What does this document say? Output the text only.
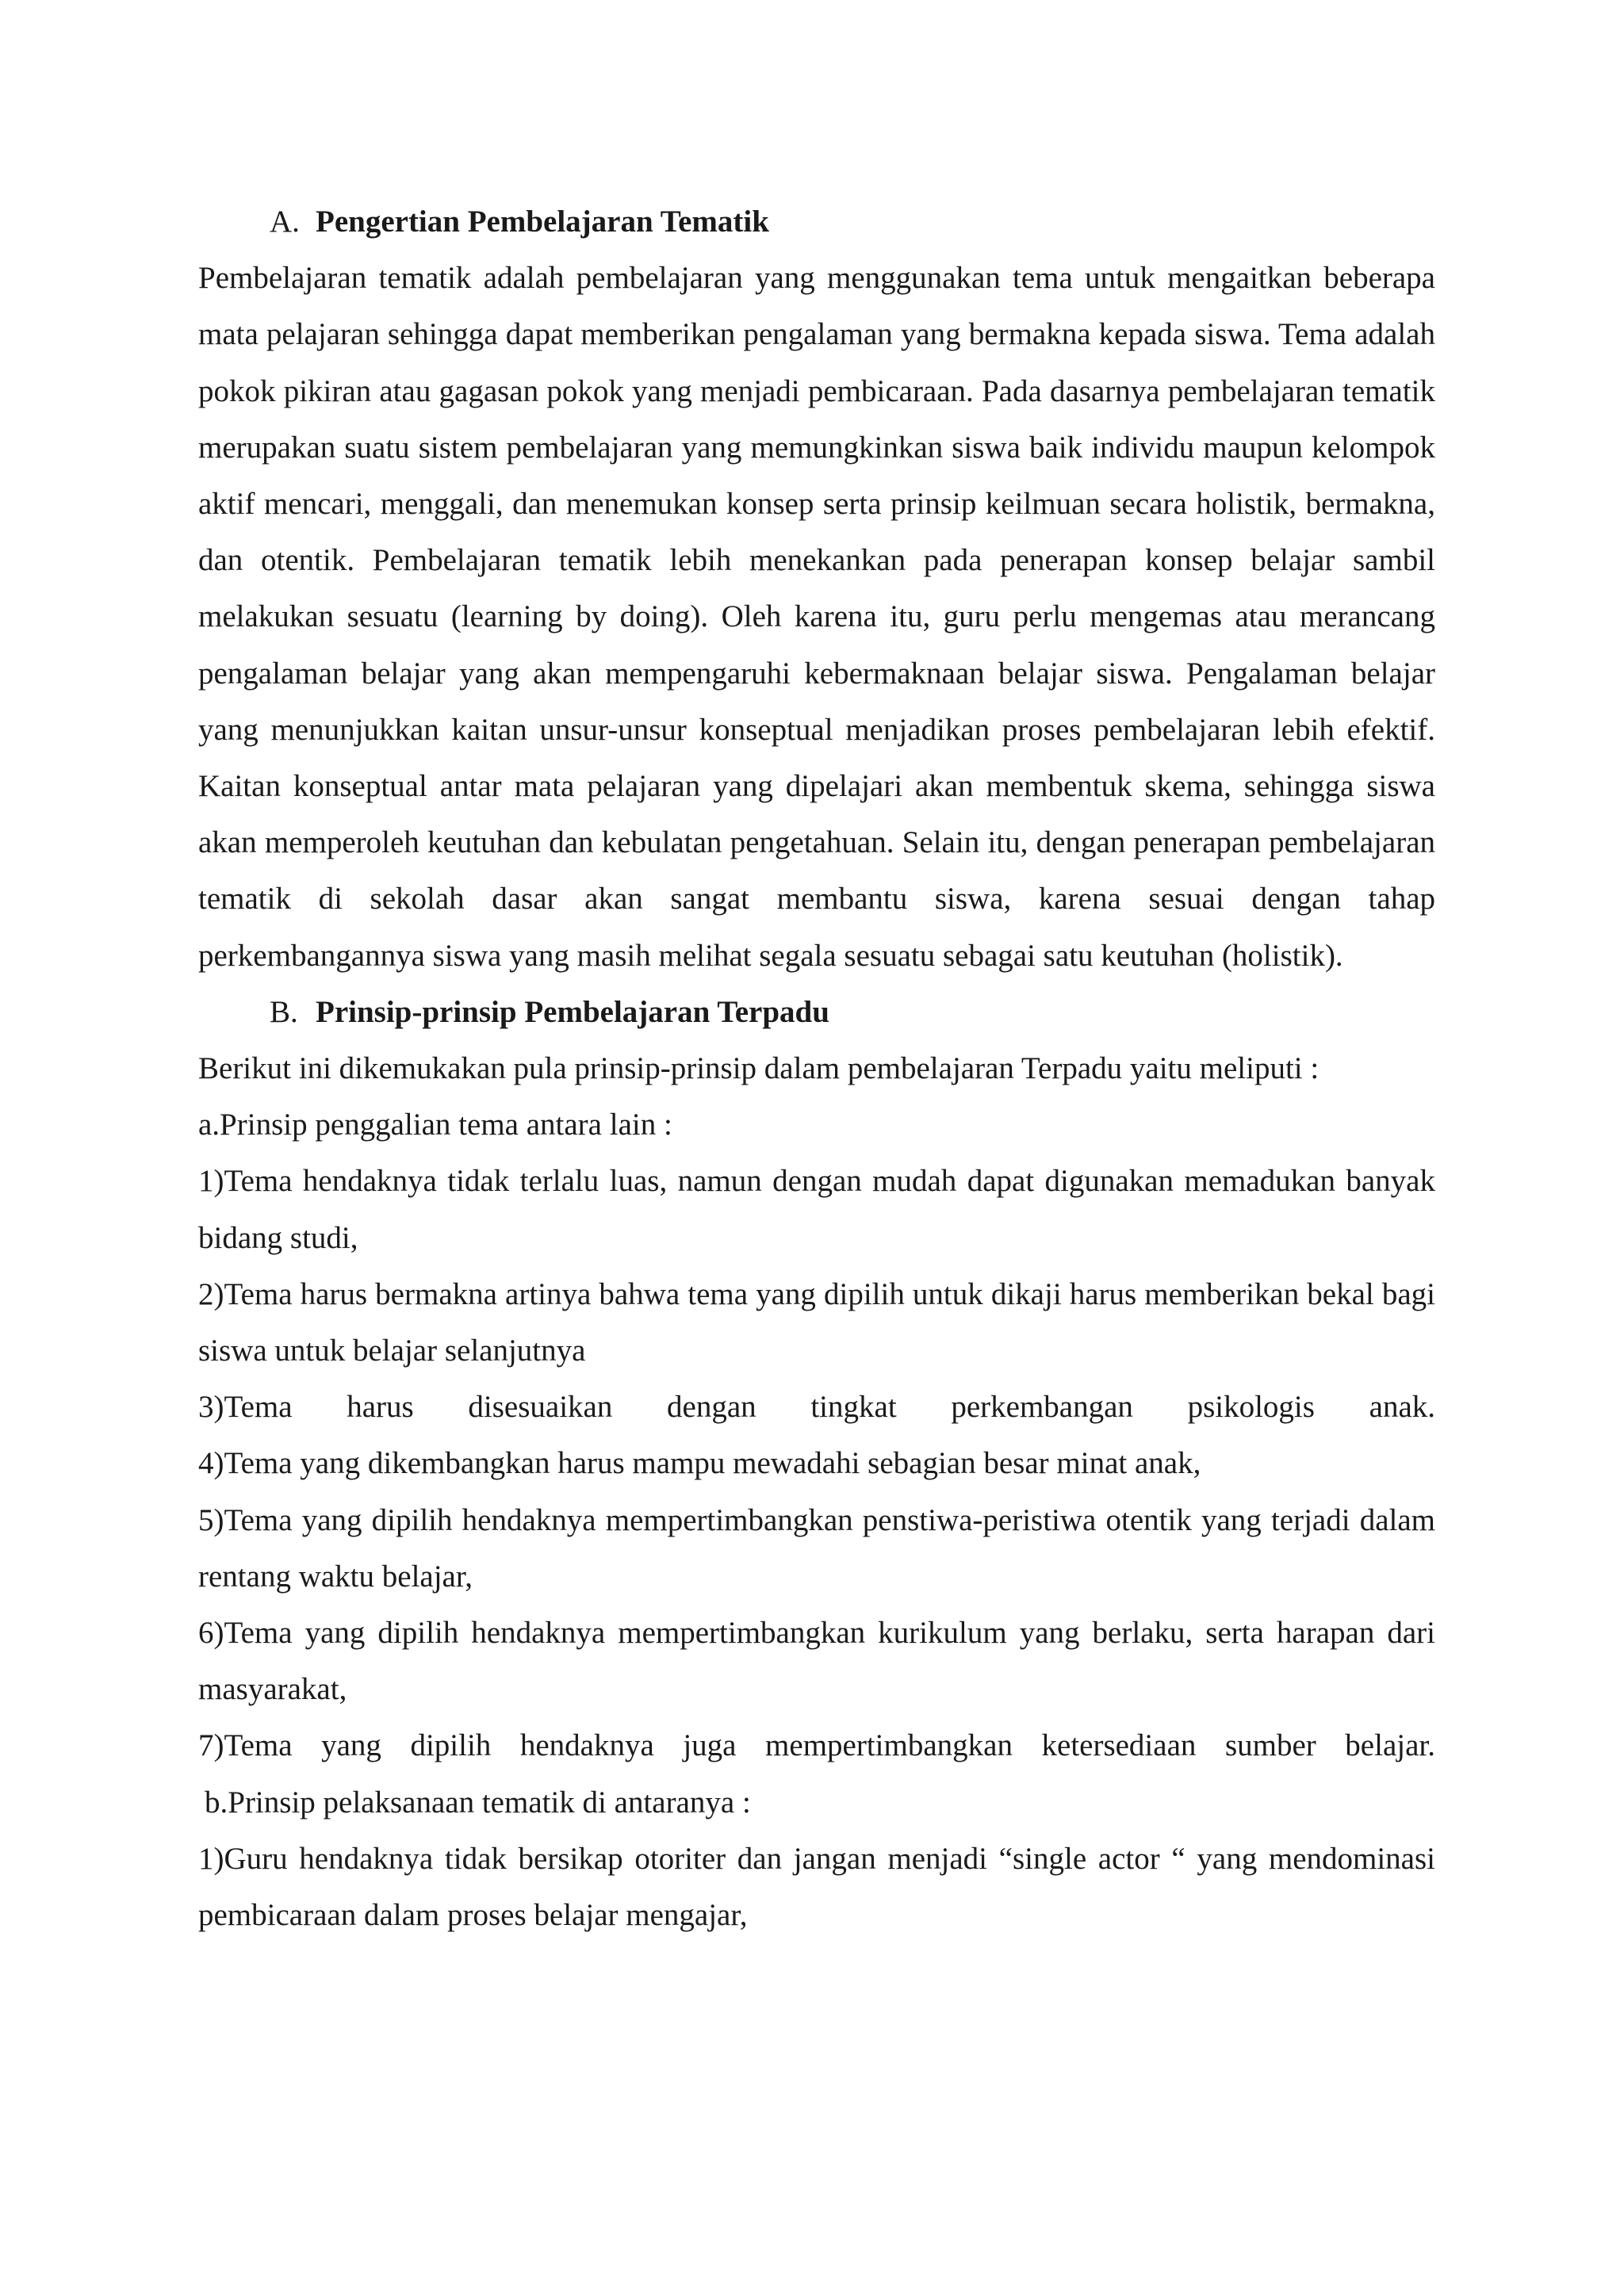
A. Pengertian Pembelajaran Tematik

Pembelajaran tematik adalah pembelajaran yang menggunakan tema untuk mengaitkan beberapa mata pelajaran sehingga dapat memberikan pengalaman yang bermakna kepada siswa. Tema adalah pokok pikiran atau gagasan pokok yang menjadi pembicaraan. Pada dasarnya pembelajaran tematik merupakan suatu sistem pembelajaran yang memungkinkan siswa baik individu maupun kelompok aktif mencari, menggali, dan menemukan konsep serta prinsip keilmuan secara holistik, bermakna, dan otentik. Pembelajaran tematik lebih menekankan pada penerapan konsep belajar sambil melakukan sesuatu (learning by doing). Oleh karena itu, guru perlu mengemas atau merancang pengalaman belajar yang akan mempengaruhi kebermaknaan belajar siswa. Pengalaman belajar yang menunjukkan kaitan unsur-unsur konseptual menjadikan proses pembelajaran lebih efektif. Kaitan konseptual antar mata pelajaran yang dipelajari akan membentuk skema, sehingga siswa akan memperoleh keutuhan dan kebulatan pengetahuan. Selain itu, dengan penerapan pembelajaran tematik di sekolah dasar akan sangat membantu siswa, karena sesuai dengan tahap perkembangannya siswa yang masih melihat segala sesuatu sebagai satu keutuhan (holistik).

B. Prinsip-prinsip Pembelajaran Terpadu

Berikut ini dikemukakan pula prinsip-prinsip dalam pembelajaran Terpadu yaitu meliputi :

a.Prinsip penggalian tema antara lain :

1)Tema hendaknya tidak terlalu luas, namun dengan mudah dapat digunakan memadukan banyak bidang studi,

2)Tema harus bermakna artinya bahwa tema yang dipilih untuk dikaji harus memberikan bekal bagi siswa untuk belajar selanjutnya

3)Tema harus disesuaikan dengan tingkat perkembangan psikologis anak.

4)Tema yang dikembangkan harus mampu mewadahi sebagian besar minat anak,

5)Tema yang dipilih hendaknya mempertimbangkan penstiwa-peristiwa otentik yang terjadi dalam rentang waktu belajar,

6)Tema yang dipilih hendaknya mempertimbangkan kurikulum yang berlaku, serta harapan dari masyarakat,

7)Tema yang dipilih hendaknya juga mempertimbangkan ketersediaan sumber belajar.

b.Prinsip pelaksanaan tematik di antaranya :

1)Guru hendaknya tidak bersikap otoriter dan jangan menjadi “single actor “ yang mendominasi pembicaraan dalam proses belajar mengajar,
